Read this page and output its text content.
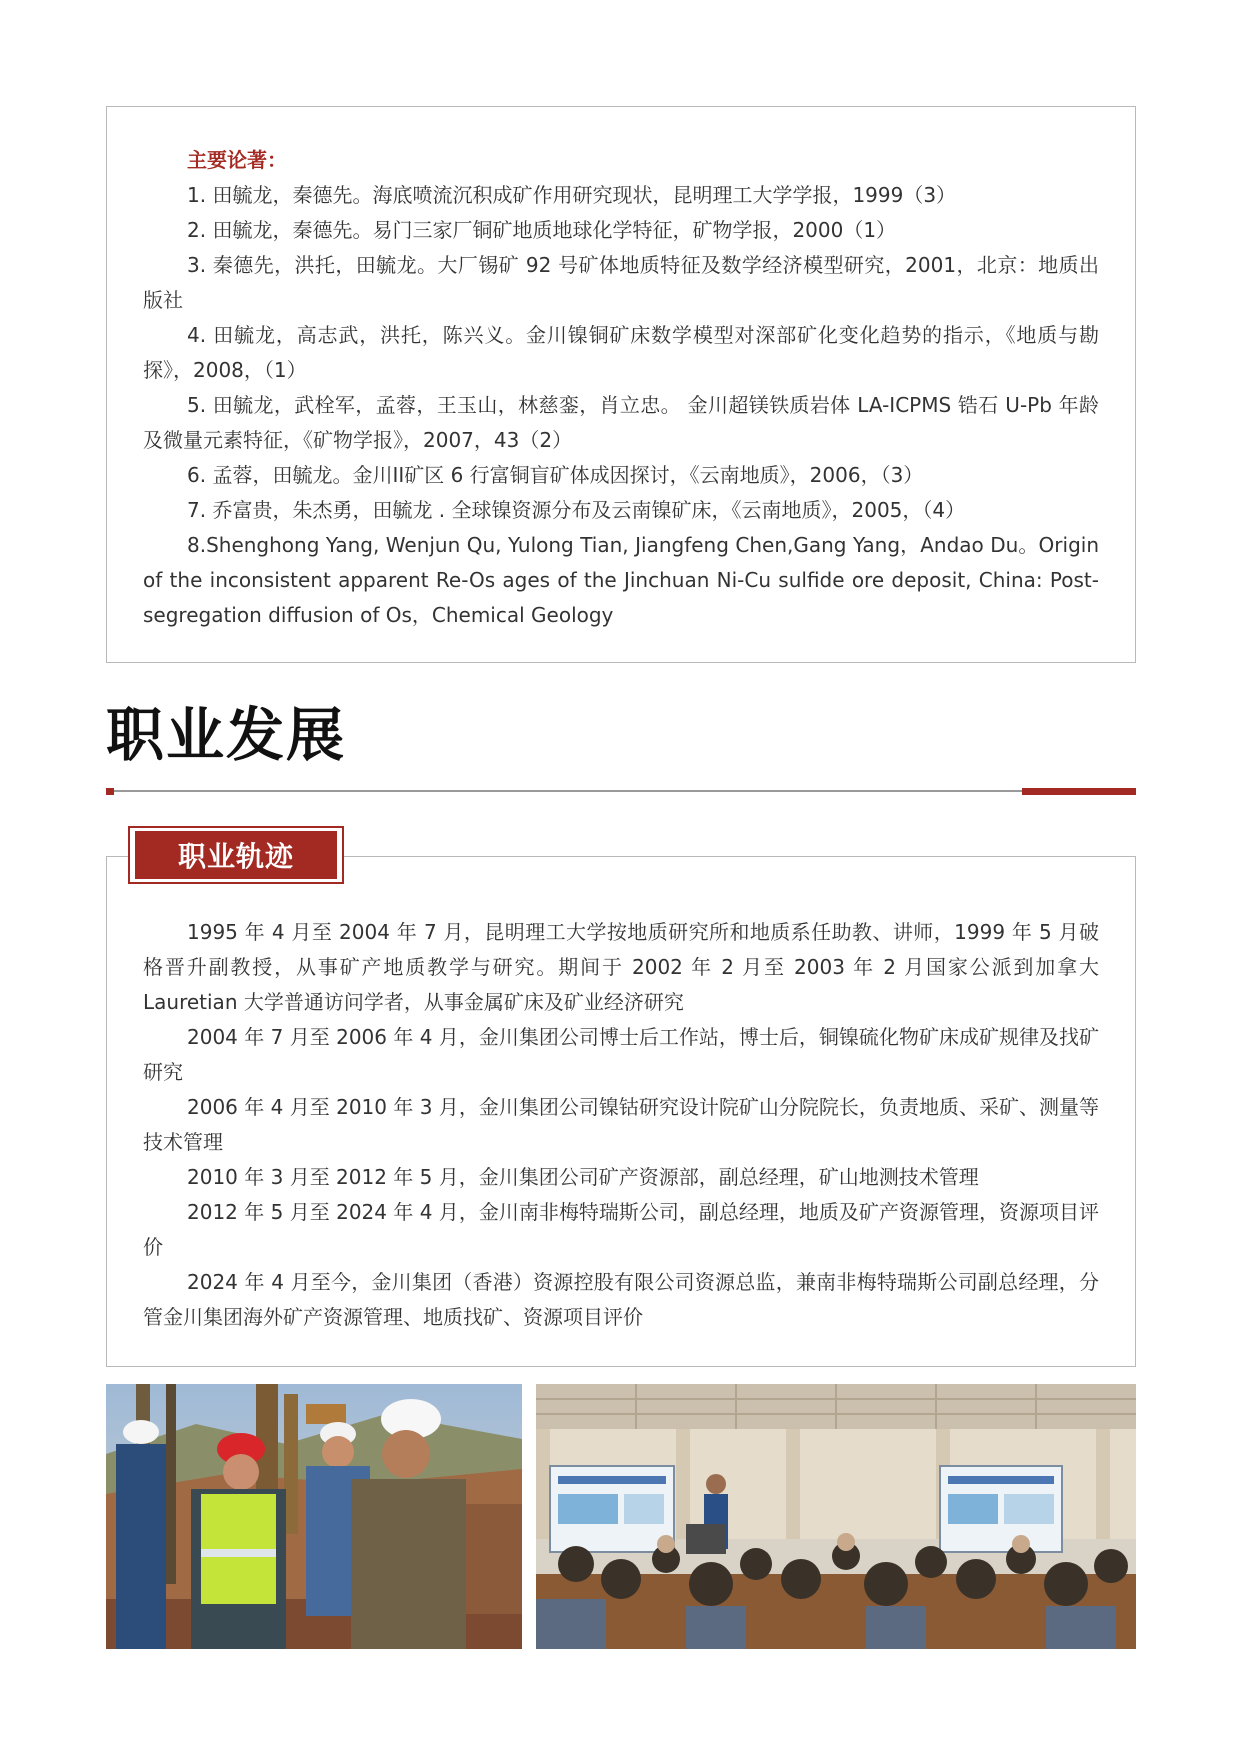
主要论著：

1. 田毓龙，秦德先。海底喷流沉积成矿作用研究现状，昆明理工大学学报，1999（3）

2. 田毓龙，秦德先。易门三家厂铜矿地质地球化学特征，矿物学报，2000（1）

3. 秦德先，洪托，田毓龙。大厂锡矿 92 号矿体地质特征及数学经济模型研究，2001，北京：地质出版社

4. 田毓龙，高志武，洪托，陈兴义。金川镍铜矿床数学模型对深部矿化变化趋势的指示，《地质与勘探》，2008，（1）

5. 田毓龙，武栓军，孟蓉，王玉山，林慈銮，肖立忠。 金川超镁铁质岩体 LA-ICPMS 锆石 U-Pb 年龄及微量元素特征，《矿物学报》，2007，43（2）

6. 孟蓉，田毓龙。金川II矿区 6 行富铜盲矿体成因探讨，《云南地质》，2006，（3）

7. 乔富贵，朱杰勇，田毓龙 . 全球镍资源分布及云南镍矿床，《云南地质》，2005，（4）

8.Shenghong Yang, Wenjun Qu, Yulong Tian, Jiangfeng Chen,Gang Yang，Andao Du。Origin of the inconsistent apparent Re-Os ages of the Jinchuan Ni-Cu sulfide ore deposit, China: Post-segregation diffusion of Os，Chemical Geology

职业发展

1995 年 4 月至 2004 年 7 月，昆明理工大学按地质研究所和地质系任助教、讲师，1999 年 5 月破格晋升副教授，从事矿产地质教学与研究。期间于 2002 年 2 月至 2003 年 2 月国家公派到加拿大 Lauretian 大学普通访问学者，从事金属矿床及矿业经济研究

2004 年 7 月至 2006 年 4 月，金川集团公司博士后工作站，博士后，铜镍硫化物矿床成矿规律及找矿研究

2006 年 4 月至 2010 年 3 月，金川集团公司镍钴研究设计院矿山分院院长，负责地质、采矿、测量等技术管理

2010 年 3 月至 2012 年 5 月，金川集团公司矿产资源部，副总经理，矿山地测技术管理

2012 年 5 月至 2024 年 4 月，金川南非梅特瑞斯公司，副总经理，地质及矿产资源管理，资源项目评价

2024 年 4 月至今，金川集团（香港）资源控股有限公司资源总监，兼南非梅特瑞斯公司副总经理，分管金川集团海外矿产资源管理、地质找矿、资源项目评价

职业轨迹
